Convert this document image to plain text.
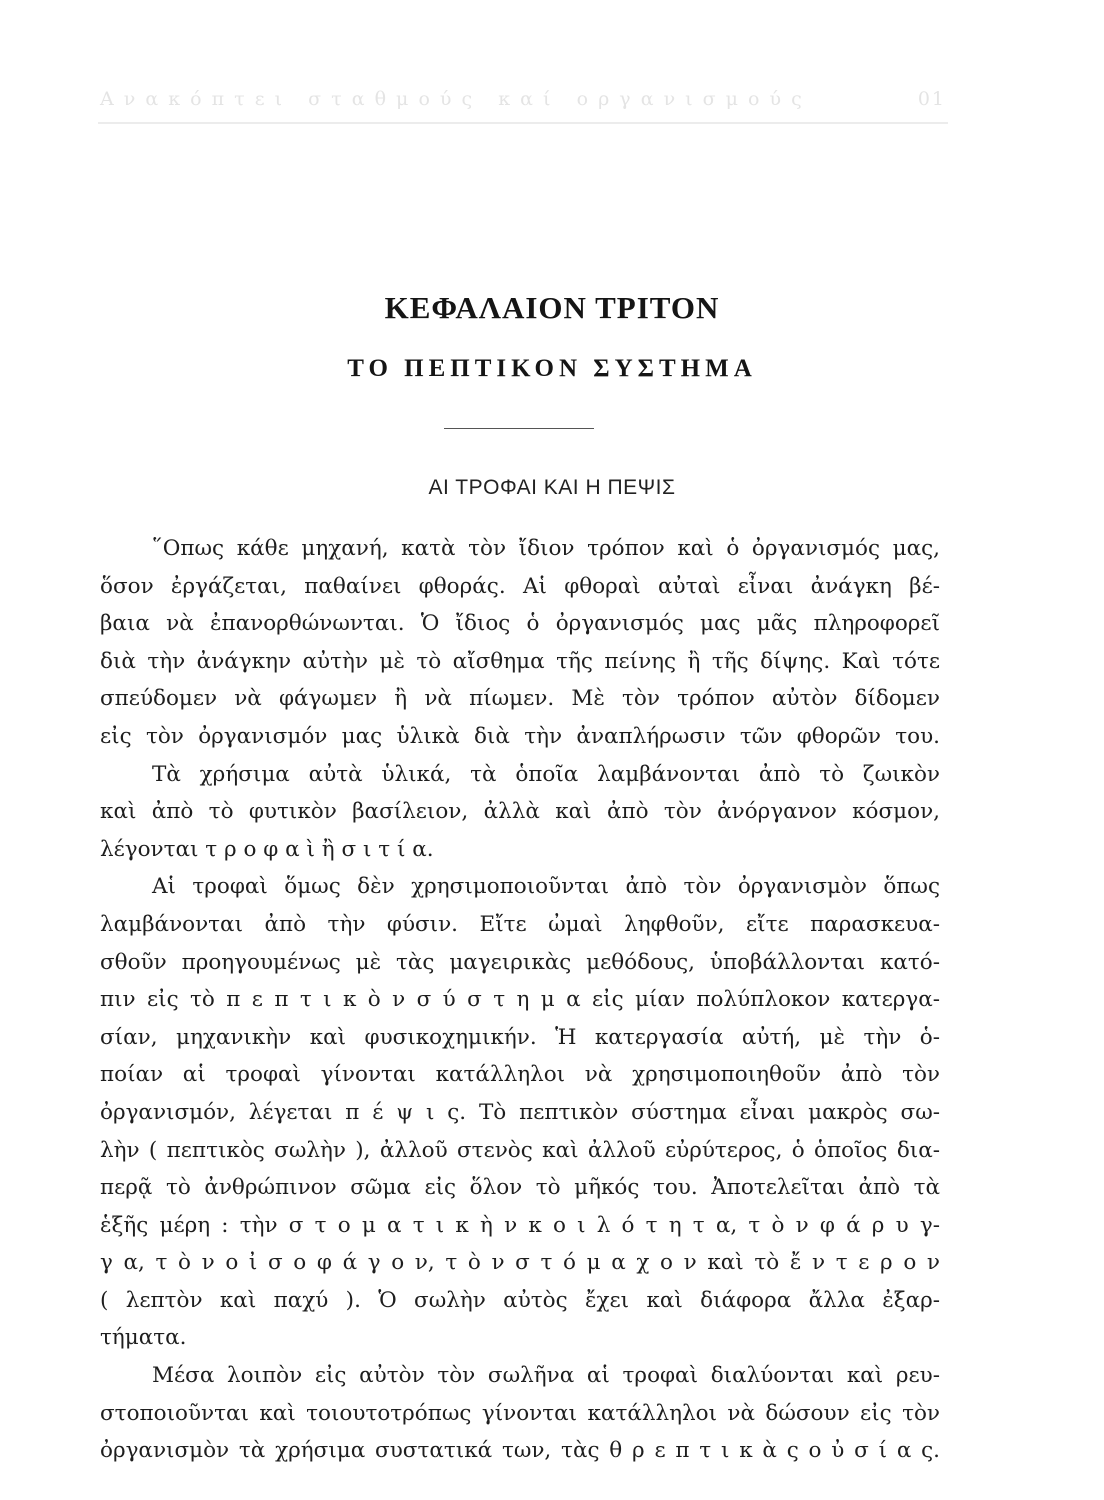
Α ν α κ ό π τ ε ι   σ τ α θ μ ο ύ ς   κ α ί   ο ρ γ α ν ι σ μ ο ύ ς	01
ΚΕΦΑΛΑΙΟΝ ΤΡΙΤΟΝ
ΤΟ ΠΕΠΤΙΚΟΝ ΣΥΣΤΗΜΑ
ΑΙ ΤΡΟΦΑΙ ΚΑΙ Η ΠΕΨΙΣ
῞Οπως κάθε μηχανή, κατὰ τὸν ἴδιον τρόπον καὶ ὁ ὀργανισμός μας,
ὅσον ἐργάζεται, παθαίνει φθοράς. Αἱ φθοραὶ αὐταὶ εἶναι ἀνάγκη βέ-
βαια νὰ ἐπανορθώνωνται. Ὁ ἴδιος ὁ ὀργανισμός μας μᾶς πληροφορεῖ
διὰ τὴν ἀνάγκην αὐτὴν μὲ τὸ αἴσθημα τῆς πείνης ἢ τῆς δίψης. Καὶ τότε
σπεύδομεν νὰ φάγωμεν ἢ νὰ πίωμεν. Μὲ τὸν τρόπον αὐτὸν δίδομεν
εἰς τὸν ὀργανισμόν μας ὑλικὰ διὰ τὴν ἀναπλήρωσιν τῶν φθορῶν του.
Τὰ χρήσιμα αὐτὰ ὑλικά, τὰ ὁποῖα λαμβάνονται ἀπὸ τὸ ζωικὸν
καὶ ἀπὸ τὸ φυτικὸν βασίλειον, ἀλλὰ καὶ ἀπὸ τὸν ἀνόργανον κόσμον,
λέγονται τ ρ ο φ α ὶ ἢ σ ι τ ί α.
Αἱ τροφαὶ ὅμως δὲν χρησιμοποιοῦνται ἀπὸ τὸν ὀργανισμὸν ὅπως
λαμβάνονται ἀπὸ τὴν φύσιν. Εἴτε ὠμαὶ ληφθοῦν, εἴτε παρασκευα-
σθοῦν προηγουμένως μὲ τὰς μαγειρικὰς μεθόδους, ὑποβάλλονται κατό-
πιν εἰς τὸ π ε π τ ι κ ὸ ν σ ύ σ τ η μ α εἰς μίαν πολύπλοκον κατεργα-
σίαν, μηχανικὴν καὶ φυσικοχημικήν. Ἡ κατεργασία αὐτή, μὲ τὴν ὁ-
ποίαν αἱ τροφαὶ γίνονται κατάλληλοι νὰ χρησιμοποιηθοῦν ἀπὸ τὸν
ὀργανισμόν, λέγεται π έ ψ ι ς. Τὸ πεπτικὸν σύστημα εἶναι μακρὸς σω-
λὴν ( πεπτικὸς σωλὴν ), ἀλλοῦ στενὸς καὶ ἀλλοῦ εὐρύτερος, ὁ ὁποῖος δια-
περᾷ τὸ ἀνθρώπινον σῶμα εἰς ὅλον τὸ μῆκός του. Ἀποτελεῖται ἀπὸ τὰ
ἑξῆς μέρη : τὴν σ τ ο μ α τ ι κ ὴ ν κ ο ι λ ό τ η τ α, τ ὸ ν φ ά ρ υ γ-
γ α, τ ὸ ν ο ἰ σ ο φ ά γ ο ν, τ ὸ ν σ τ ό μ α χ ο ν καὶ τὸ ἔ ν τ ε ρ ο ν
( λεπτὸν καὶ παχύ ). Ὁ σωλὴν αὐτὸς ἔχει καὶ διάφορα ἄλλα ἐξαρ-
τήματα.
Μέσα λοιπὸν εἰς αὐτὸν τὸν σωλῆνα αἱ τροφαὶ διαλύονται καὶ ρευ-
στοποιοῦνται καὶ τοιουτοτρόπως γίνονται κατάλληλοι νὰ δώσουν εἰς τὸν
ὀργανισμὸν τὰ χρήσιμα συστατικά των, τὰς θ ρ ε π τ ι κ ὰ ς ο ὐ σ ί α ς.
